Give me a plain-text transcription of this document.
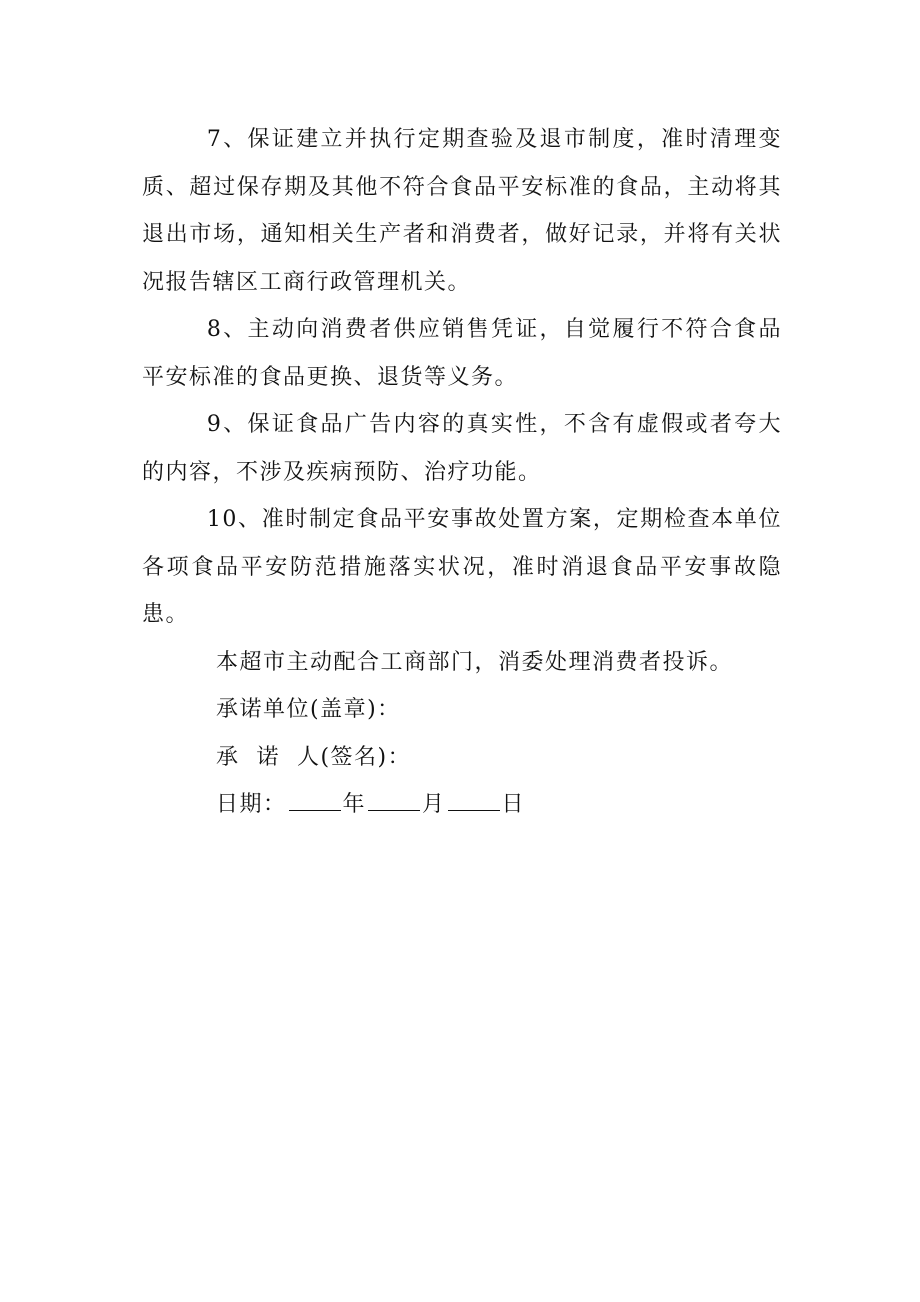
7、保证建立并执行定期查验及退市制度，准时清理变质、超过保存期及其他不符合食品平安标准的食品，主动将其退出市场，通知相关生产者和消费者，做好记录，并将有关状况报告辖区工商行政管理机关。

8、主动向消费者供应销售凭证，自觉履行不符合食品平安标准的食品更换、退货等义务。

9、保证食品广告内容的真实性，不含有虚假或者夸大的内容，不涉及疾病预防、治疗功能。

10、准时制定食品平安事故处置方案，定期检查本单位各项食品平安防范措施落实状况，准时消退食品平安事故隐患。

本超市主动配合工商部门，消委处理消费者投诉。

承诺单位(盖章)：

承  诺  人(签名)：

日期：	年	月	日
